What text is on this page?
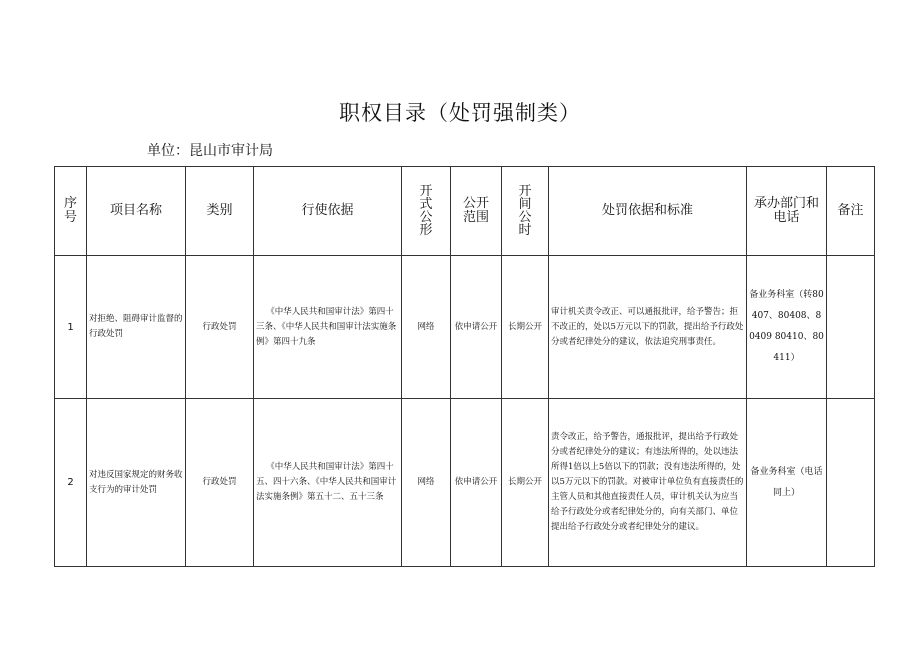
职权目录（处罚强制类）
单位：昆山市审计局
序号	项目名称	类别	行使依据	开式公形	公开范围	开间公时	处罚依据和标准	承办部门和电话	备注
1	对拒绝、阻碍审计监督的行政处罚	行政处罚	《中华人民共和国审计法》第四十三条、《中华人民共和国审计法实施条例》第四十九条	网络	依申请公开	长期公开	审计机关责令改正、可以通报批评，给予警告；拒不改正的，处以5万元以下的罚款，提出给予行政处分或者纪律处分的建议，依法追究刑事责任。	备业务科室（转80407、80408、80409 80410、80411）	
2	对违反国家规定的财务收支行为的审计处罚	行政处罚	《中华人民共和国审计法》第四十五、四十六条、《中华人民共和国审计法实施条例》第五十二、五十三条	网络	依申请公开	长期公开	责令改正，给予警告，通报批评，提出给予行政处分或者纪律处分的建议；有违法所得的，处以违法所得1倍以上5倍以下的罚款；没有违法所得的，处以5万元以下的罚款。对被审计单位负有直接责任的主管人员和其他直接责任人员，审计机关认为应当给予行政处分或者纪律处分的，向有关部门、单位提出给予行政处分或者纪律处分的建议。	备业务科室（电话同上）	
